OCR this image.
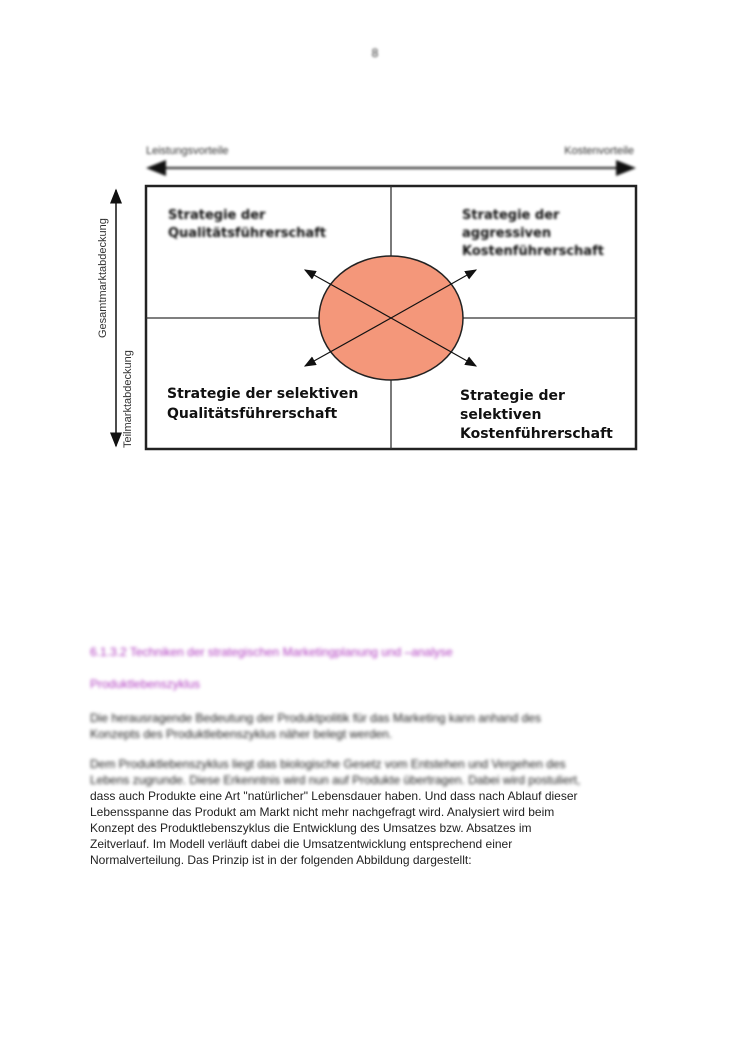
8
Leistungsvorteile	Kostenvorteile
Gesamtmarktabdeckung
Teilmarktabdeckung
Strategie der
Qualitätsführerschaft
Strategie der
aggressiven
Kostenführerschaft
Strategie der selektiven
Qualitätsführerschaft
Strategie der
selektiven
Kostenführerschaft
6.1.3.2 Techniken der strategischen Marketingplanung und –analyse
Produktlebenszyklus
Die herausragende Bedeutung der Produktpolitik für das Marketing kann anhand des
Konzepts des Produktlebenszyklus näher belegt werden.
Dem Produktlebenszyklus liegt das biologische Gesetz vom Entstehen und Vergehen des
Lebens zugrunde. Diese Erkenntnis wird nun auf Produkte übertragen. Dabei wird postuliert,
dass auch Produkte eine Art "natürlicher" Lebensdauer haben. Und dass nach Ablauf dieser
Lebensspanne das Produkt am Markt nicht mehr nachgefragt wird. Analysiert wird beim
Konzept des Produktlebenszyklus die Entwicklung des Umsatzes bzw. Absatzes im
Zeitverlauf. Im Modell verläuft dabei die Umsatzentwicklung entsprechend einer
Normalverteilung. Das Prinzip ist in der folgenden Abbildung dargestellt:
